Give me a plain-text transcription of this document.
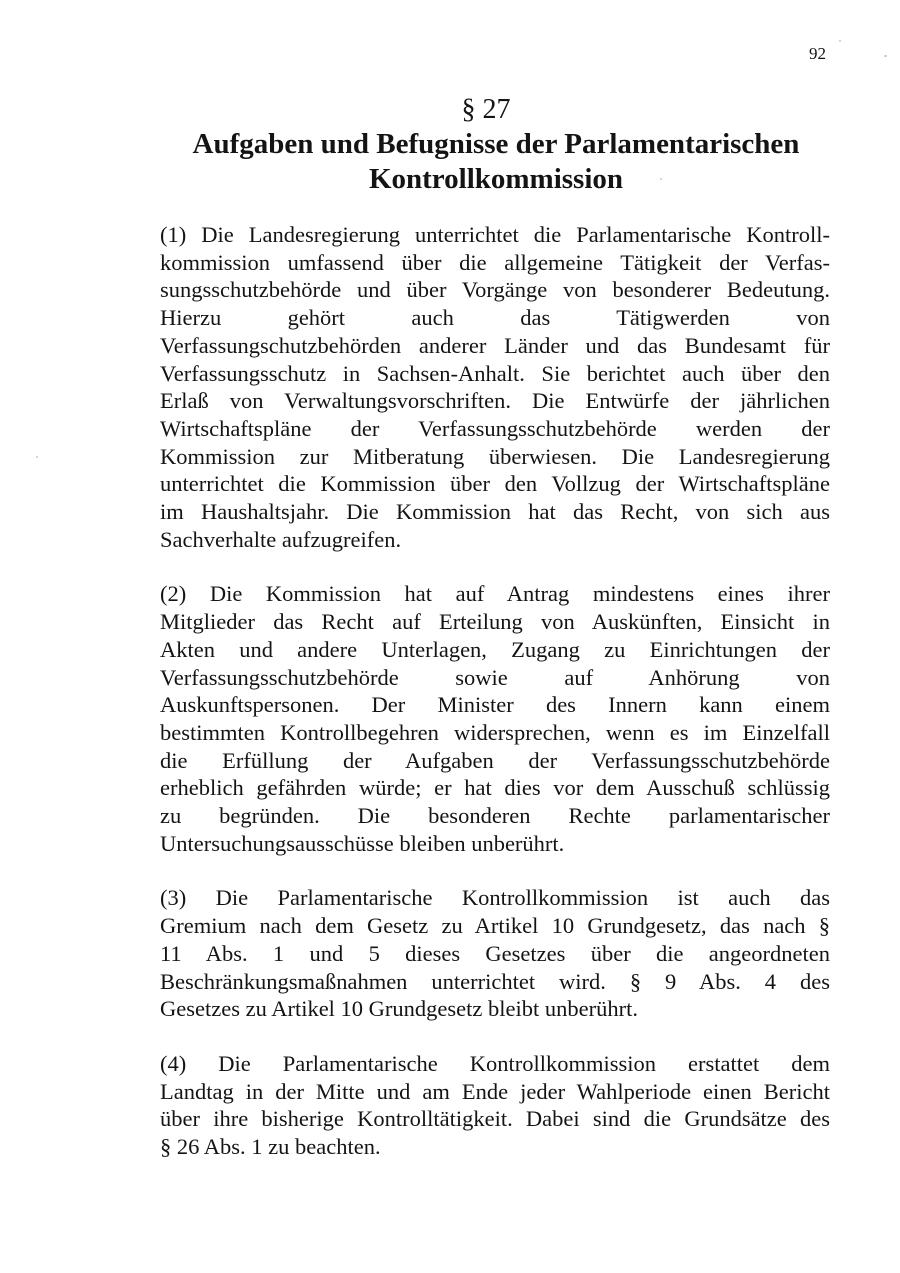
92
§ 27
Aufgaben und Befugnisse der Parlamentarischen
Kontrollkommission

(1) Die Landesregierung unterrichtet die Parlamentarische Kontroll-
kommission umfassend über die allgemeine Tätigkeit der Verfas-
sungsschutzbehörde und über Vorgänge von besonderer Bedeutung.
Hierzu gehört auch das Tätigwerden von
Verfassungschutzbehörden anderer Länder und das Bundesamt für
Verfassungsschutz in Sachsen-Anhalt. Sie berichtet auch über den
Erlaß von Verwaltungsvorschriften. Die Entwürfe der jährlichen
Wirtschaftspläne der Verfassungsschutzbehörde werden der
Kommission zur Mitberatung überwiesen. Die Landesregierung
unterrichtet die Kommission über den Vollzug der Wirtschaftspläne
im Haushaltsjahr. Die Kommission hat das Recht, von sich aus
Sachverhalte aufzugreifen.

(2) Die Kommission hat auf Antrag mindestens eines ihrer
Mitglieder das Recht auf Erteilung von Auskünften, Einsicht in
Akten und andere Unterlagen, Zugang zu Einrichtungen der
Verfassungsschutzbehörde sowie auf Anhörung von
Auskunftspersonen. Der Minister des Innern kann einem
bestimmten Kontrollbegehren widersprechen, wenn es im Einzelfall
die Erfüllung der Aufgaben der Verfassungsschutzbehörde
erheblich gefährden würde; er hat dies vor dem Ausschuß schlüssig
zu begründen. Die besonderen Rechte parlamentarischer
Untersuchungsausschüsse bleiben unberührt.

(3) Die Parlamentarische Kontrollkommission ist auch das
Gremium nach dem Gesetz zu Artikel 10 Grundgesetz, das nach §
11 Abs. 1 und 5 dieses Gesetzes über die angeordneten
Beschränkungsmaßnahmen unterrichtet wird. § 9 Abs. 4 des
Gesetzes zu Artikel 10 Grundgesetz bleibt unberührt.

(4) Die Parlamentarische Kontrollkommission erstattet dem
Landtag in der Mitte und am Ende jeder Wahlperiode einen Bericht
über ihre bisherige Kontrolltätigkeit. Dabei sind die Grundsätze des
§ 26 Abs. 1 zu beachten.
